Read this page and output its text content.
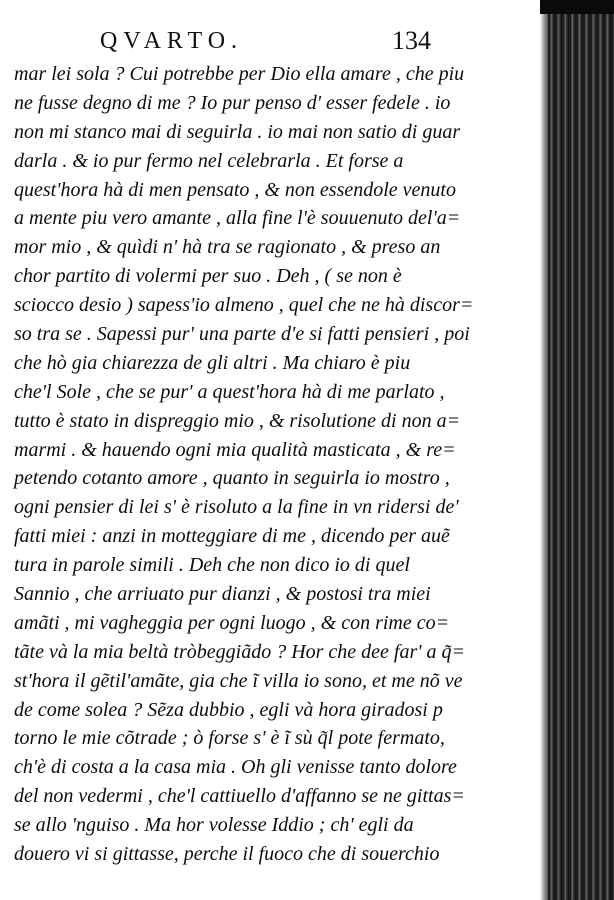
QVARTO.	134
mar lei sola ? Cui potrebbe per Dio ella amare , che piu
ne fusse degno di me ? Io pur penso d' esser fedele . io
non mi stanco mai di seguirla . io mai non satio di guar
darla . & io pur fermo nel celebrarla . Et forse a
quest'hora hà di men pensato , & non essendole venuto
a mente piu vero amante , alla fine l'è souuenuto del'a=
mor mio , & quìdi n' hà tra se ragionato , & preso an
chor partito di volermi per suo . Deh , ( se non è
sciocco desio ) sapess'io almeno , quel che ne hà discor=
so tra se . Sapessi pur' una parte d'e si fatti pensieri , poi
che hò gia chiarezza de gli altri . Ma chiaro è piu
che'l Sole , che se pur' a quest'hora hà di me parlato ,
tutto è stato in dispreggio mio , & risolutione di non a=
marmi . & hauendo ogni mia qualità masticata , & re=
petendo cotanto amore , quanto in seguirla io mostro ,
ogni pensier di lei s' è risoluto a la fine in vn ridersi de'
fatti miei : anzi in motteggiare di me , dicendo per auẽ
tura in parole simili . Deh che non dico io di quel
Sannio , che arriuato pur dianzi , & postosi tra miei
amãti , mi vagheggia per ogni luogo , & con rime co=
tãte và la mia beltà tròbeggiãdo ? Hor che dee far' a q̃=
st'hora il gẽtil'amãte, gia che ĩ villa io sono, et me nõ ve
de come solea ? Sẽza dubbio , egli và hora giradosi p
torno le mie cõtrade ; ò forse s' è ĩ sù q̃l pote fermato,
ch'è di costa a la casa mia . Oh gli venisse tanto dolore
del non vedermi , che'l cattiuello d'affanno se ne gittas=
se allo 'nguiso . Ma hor volesse Iddio ; ch' egli da
douero vi si gittasse, perche il fuoco che di souerchio
